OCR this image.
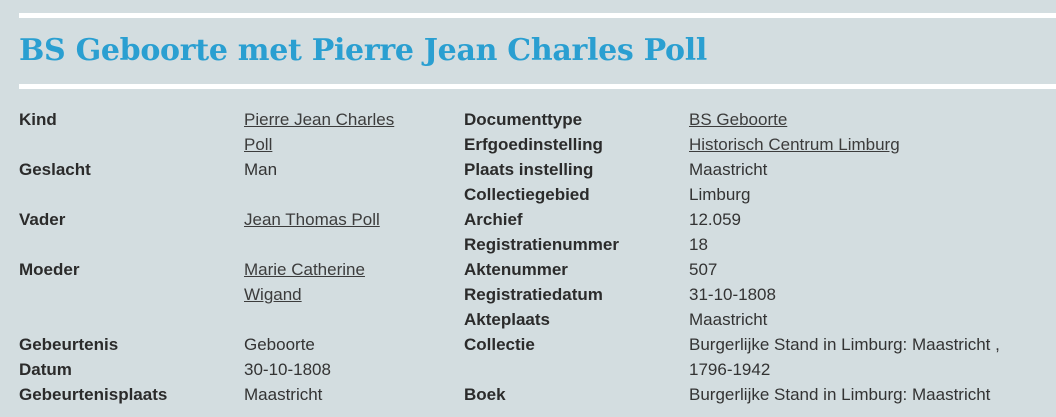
BS Geboorte met Pierre Jean Charles Poll
Kind
Geslacht
Vader
Moeder
Gebeurtenis
Datum
Gebeurtenisplaats
Pierre Jean Charles
Poll
Man
Jean Thomas Poll
Marie Catherine
Wigand
Geboorte
30-10-1808
Maastricht
Documenttype
Erfgoedinstelling
Plaats instelling
Collectiegebied
Archief
Registratienummer
Aktenummer
Registratiedatum
Akteplaats
Collectie
Boek
BS Geboorte
Historisch Centrum Limburg
Maastricht
Limburg
12.059
18
507
31-10-1808
Maastricht
Burgerlijke Stand in Limburg: Maastricht ,
1796-1942
Burgerlijke Stand in Limburg: Maastricht
